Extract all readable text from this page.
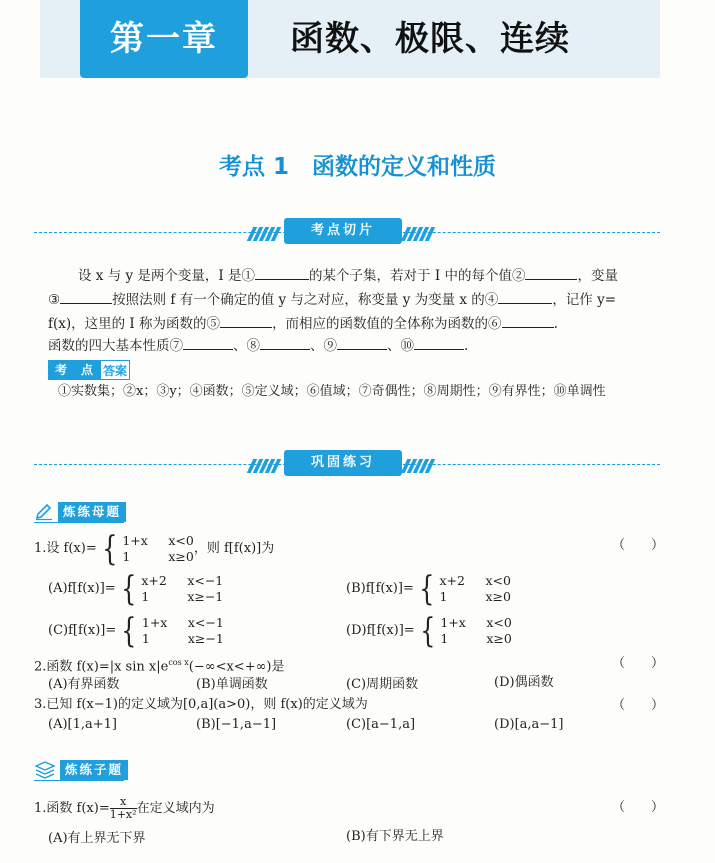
第一章	函数、极限、连续
考点 1　函数的定义和性质
考点切片
设 x 与 y 是两个变量，I 是①	的某个子集，若对于 I 中的每个值②	，变量
③	按照法则 f 有一个确定的值 y 与之对应，称变量 y 为变量 x 的④	，记作 y=
f(x)，这里的 I 称为函数的⑤	，而相应的函数值的全体称为函数的⑥	.
函数的四大基本性质⑦	、⑧	、⑨	、⑩	.
考	点 答案
①实数集；②x；③y；④函数；⑤定义域；⑥值域；⑦奇偶性；⑧周期性；⑨有界性；⑩单调性
巩固练习
炼练母题
1.设 f(x)= { 1+x	x<0
1	x≥0
，则 f[f(x)]为	（　　）
(A)f[f(x)]= { x+2	x<−1
1	x≥−1
(B)f[f(x)]= { x+2	x<0
1	x≥0
(C)f[f(x)]= { 1+x	x<−1
1	x≥−1
(D)f[f(x)]= { 1+x	x<0
1	x≥0
2.函数 f(x)=|x $\sin x|e^{cos x}(-\infty<x<+\infty)$是	（　　）
(A)有界函数	(B)单调函数	(C)周期函数	(D)偶函数
3.已知 f(x−1)的定义域为[0,a](a>0)，则 f(x)的定义域为	（　　）
(A)[1,a+1]	(B)[−1,a−1]	(C)[a−1,a]	(D)[a,a−1]
炼练子题
1.函数 $f(x)= \frac{x}{\text{1+x²}}$ 在定义域内为	（　　）
(A)有上界无下界	(B)有下界无上界
